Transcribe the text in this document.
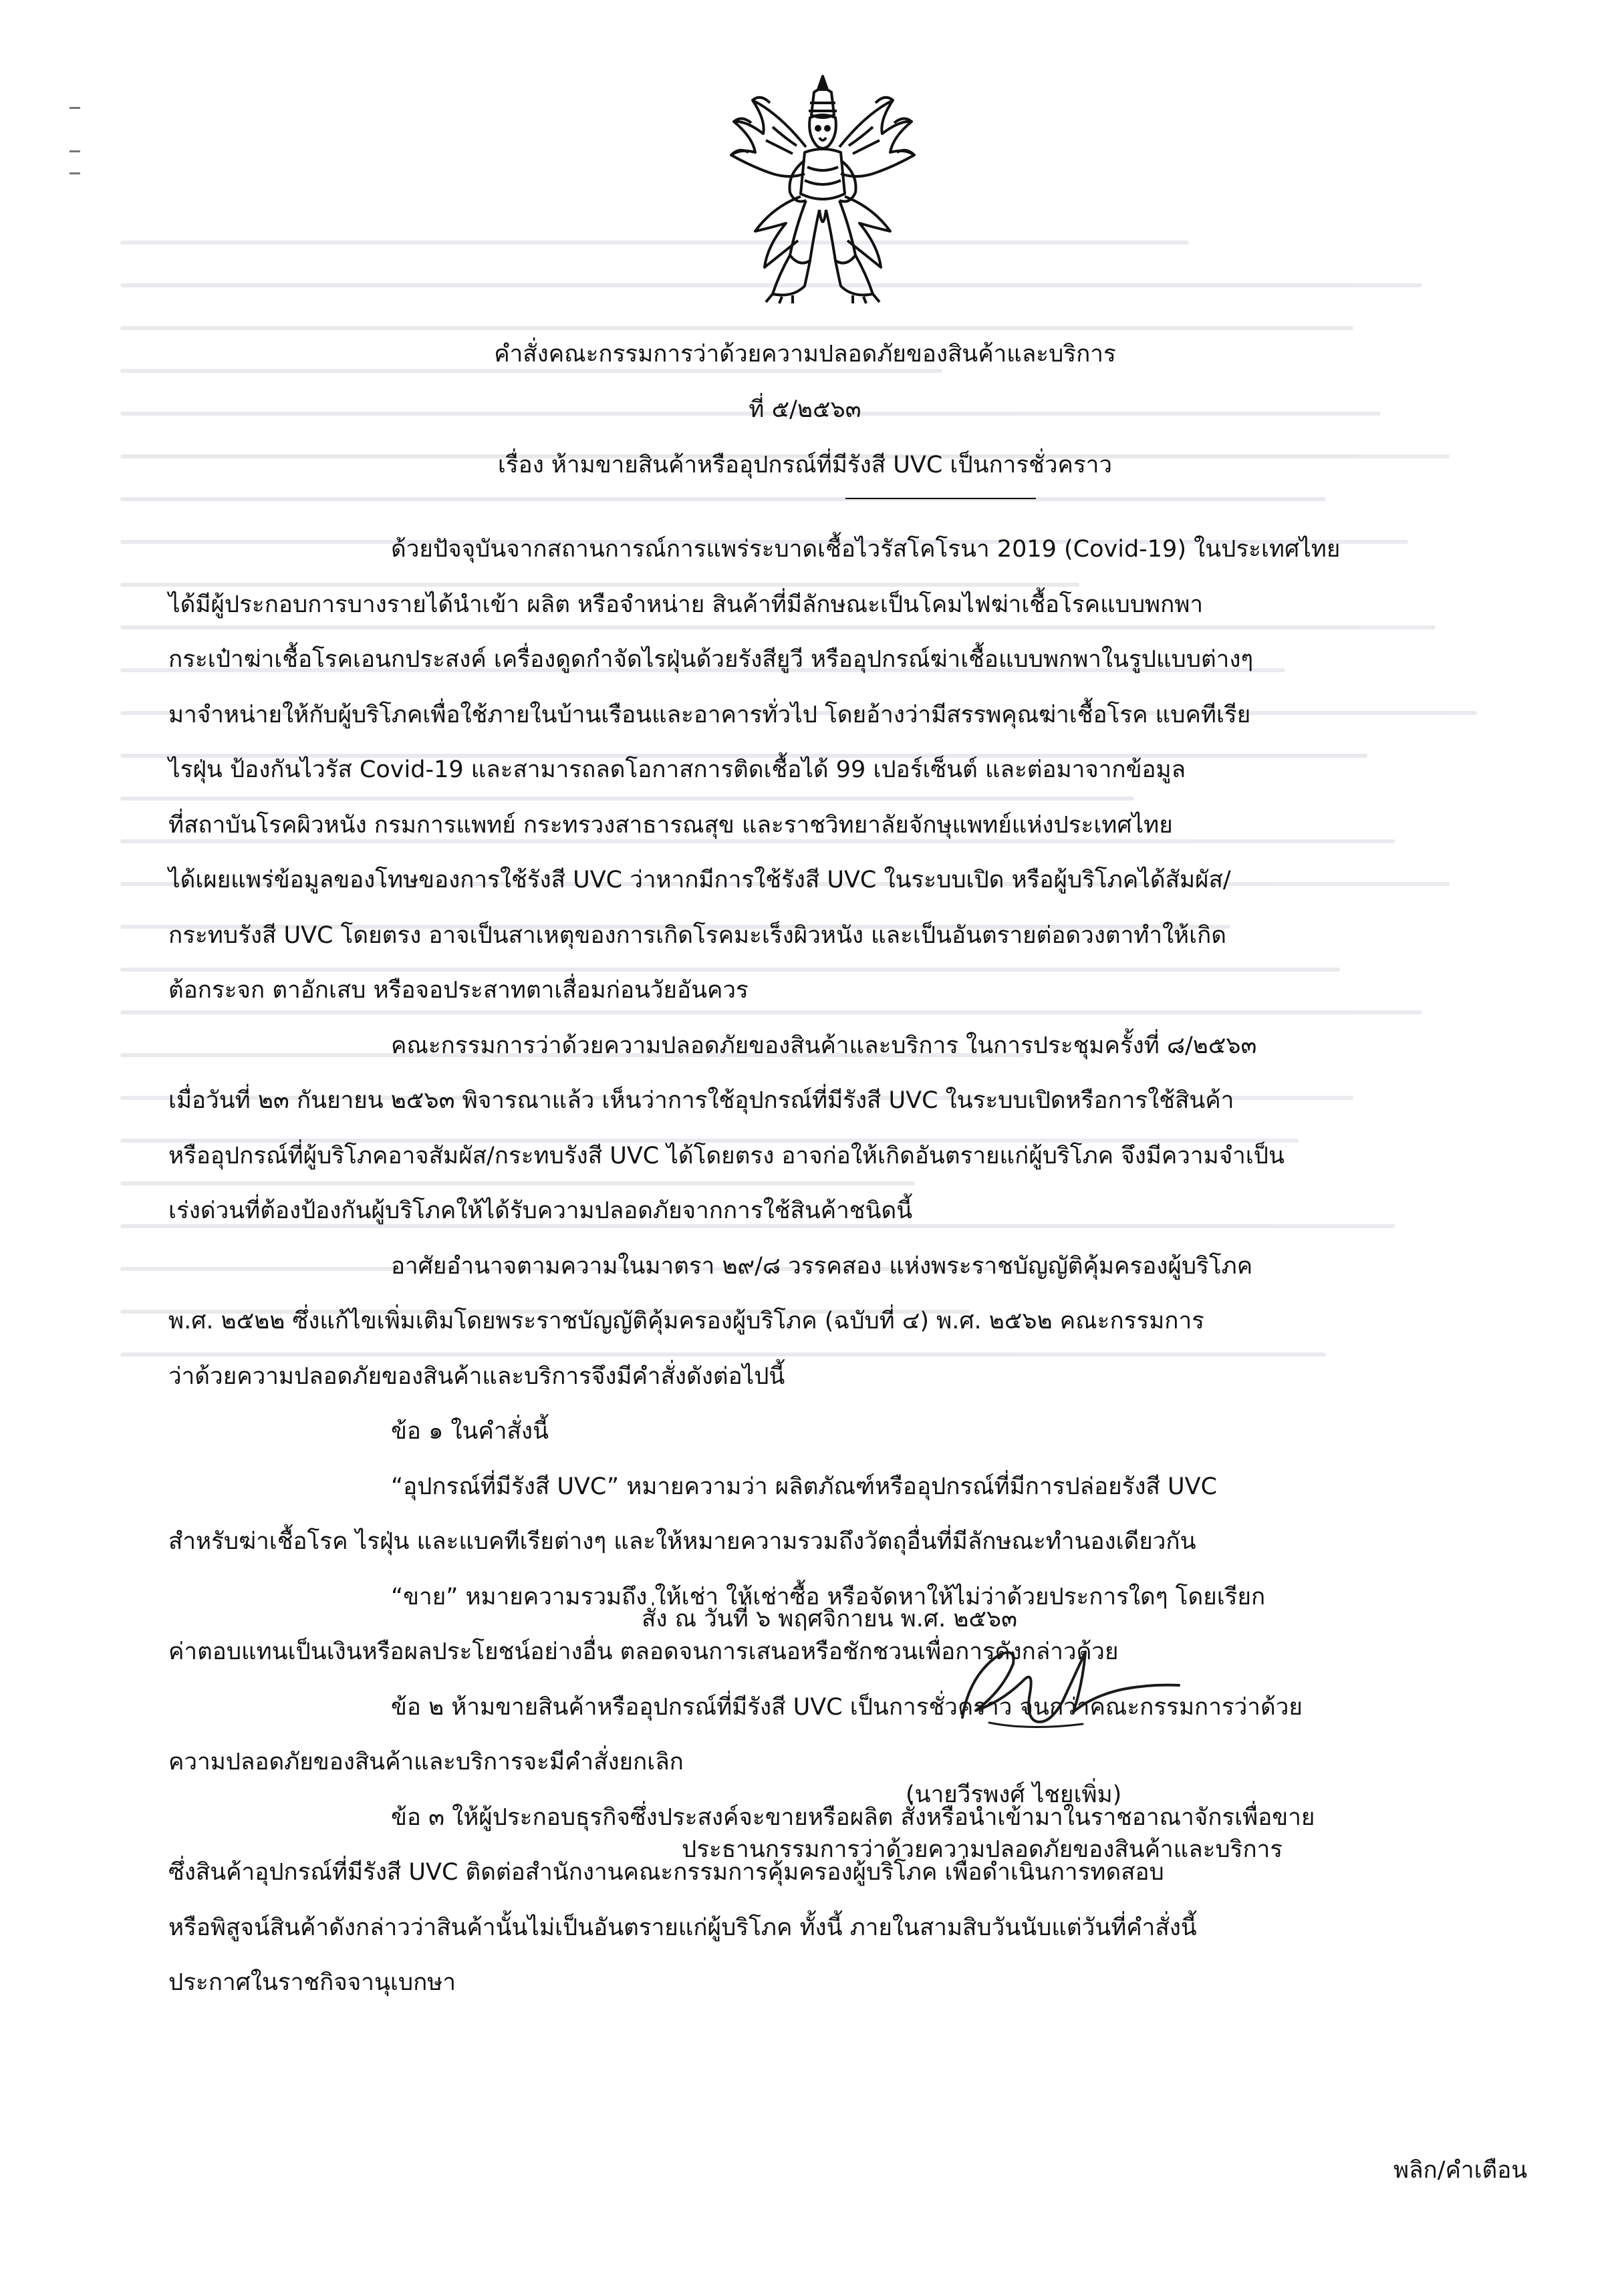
คำสั่งคณะกรรมการว่าด้วยความปลอดภัยของสินค้าและบริการ
ที่ ๕/๒๕๖๓
เรื่อง ห้ามขายสินค้าหรืออุปกรณ์ที่มีรังสี UVC เป็นการชั่วคราว
ด้วยปัจจุบันจากสถานการณ์การแพร่ระบาดเชื้อไวรัสโคโรนา 2019 (Covid-19) ในประเทศไทย
ได้มีผู้ประกอบการบางรายได้นำเข้า ผลิต หรือจำหน่าย สินค้าที่มีลักษณะเป็นโคมไฟฆ่าเชื้อโรคแบบพกพา
กระเป๋าฆ่าเชื้อโรคเอนกประสงค์ เครื่องดูดกำจัดไรฝุ่นด้วยรังสียูวี หรืออุปกรณ์ฆ่าเชื้อแบบพกพาในรูปแบบต่างๆ
มาจำหน่ายให้กับผู้บริโภคเพื่อใช้ภายในบ้านเรือนและอาคารทั่วไป โดยอ้างว่ามีสรรพคุณฆ่าเชื้อโรค แบคทีเรีย
ไรฝุ่น ป้องกันไวรัส Covid-19 และสามารถลดโอกาสการติดเชื้อได้ 99 เปอร์เซ็นต์ และต่อมาจากข้อมูล
ที่สถาบันโรคผิวหนัง กรมการแพทย์ กระทรวงสาธารณสุข และราชวิทยาลัยจักษุแพทย์แห่งประเทศไทย
ได้เผยแพร่ข้อมูลของโทษของการใช้รังสี UVC ว่าหากมีการใช้รังสี UVC ในระบบเปิด หรือผู้บริโภคได้สัมผัส/
กระทบรังสี UVC โดยตรง อาจเป็นสาเหตุของการเกิดโรคมะเร็งผิวหนัง และเป็นอันตรายต่อดวงตาทำให้เกิด
ต้อกระจก ตาอักเสบ หรือจอประสาทตาเสื่อมก่อนวัยอันควร
คณะกรรมการว่าด้วยความปลอดภัยของสินค้าและบริการ ในการประชุมครั้งที่ ๘/๒๕๖๓
เมื่อวันที่ ๒๓ กันยายน ๒๕๖๓ พิจารณาแล้ว เห็นว่าการใช้อุปกรณ์ที่มีรังสี UVC ในระบบเปิดหรือการใช้สินค้า
หรืออุปกรณ์ที่ผู้บริโภคอาจสัมผัส/กระทบรังสี UVC ได้โดยตรง อาจก่อให้เกิดอันตรายแก่ผู้บริโภค จึงมีความจำเป็น
เร่งด่วนที่ต้องป้องกันผู้บริโภคให้ได้รับความปลอดภัยจากการใช้สินค้าชนิดนี้
อาศัยอำนาจตามความในมาตรา ๒๙/๘ วรรคสอง แห่งพระราชบัญญัติคุ้มครองผู้บริโภค
พ.ศ. ๒๕๒๒ ซึ่งแก้ไขเพิ่มเติมโดยพระราชบัญญัติคุ้มครองผู้บริโภค (ฉบับที่ ๔) พ.ศ. ๒๕๖๒ คณะกรรมการ
ว่าด้วยความปลอดภัยของสินค้าและบริการจึงมีคำสั่งดังต่อไปนี้
ข้อ ๑ ในคำสั่งนี้
“อุปกรณ์ที่มีรังสี UVC” หมายความว่า ผลิตภัณฑ์หรืออุปกรณ์ที่มีการปล่อยรังสี UVC
สำหรับฆ่าเชื้อโรค ไรฝุ่น และแบคทีเรียต่างๆ และให้หมายความรวมถึงวัตถุอื่นที่มีลักษณะทำนองเดียวกัน
“ขาย” หมายความรวมถึง ให้เช่า ให้เช่าซื้อ หรือจัดหาให้ไม่ว่าด้วยประการใดๆ โดยเรียก
ค่าตอบแทนเป็นเงินหรือผลประโยชน์อย่างอื่น ตลอดจนการเสนอหรือชักชวนเพื่อการดังกล่าวด้วย
ข้อ ๒ ห้ามขายสินค้าหรืออุปกรณ์ที่มีรังสี UVC เป็นการชั่วคราว จนกว่าคณะกรรมการว่าด้วย
ความปลอดภัยของสินค้าและบริการจะมีคำสั่งยกเลิก
ข้อ ๓ ให้ผู้ประกอบธุรกิจซึ่งประสงค์จะขายหรือผลิต สั่งหรือนำเข้ามาในราชอาณาจักรเพื่อขาย
ซึ่งสินค้าอุปกรณ์ที่มีรังสี UVC ติดต่อสำนักงานคณะกรรมการคุ้มครองผู้บริโภค เพื่อดำเนินการทดสอบ
หรือพิสูจน์สินค้าดังกล่าวว่าสินค้านั้นไม่เป็นอันตรายแก่ผู้บริโภค ทั้งนี้ ภายในสามสิบวันนับแต่วันที่คำสั่งนี้
ประกาศในราชกิจจานุเบกษา
สั่ง ณ วันที่ ๖ พฤศจิกายน พ.ศ. ๒๕๖๓
(นายวีรพงศ์ ไชยเพิ่ม)
ประธานกรรมการว่าด้วยความปลอดภัยของสินค้าและบริการ
พลิก/คำเตือน
